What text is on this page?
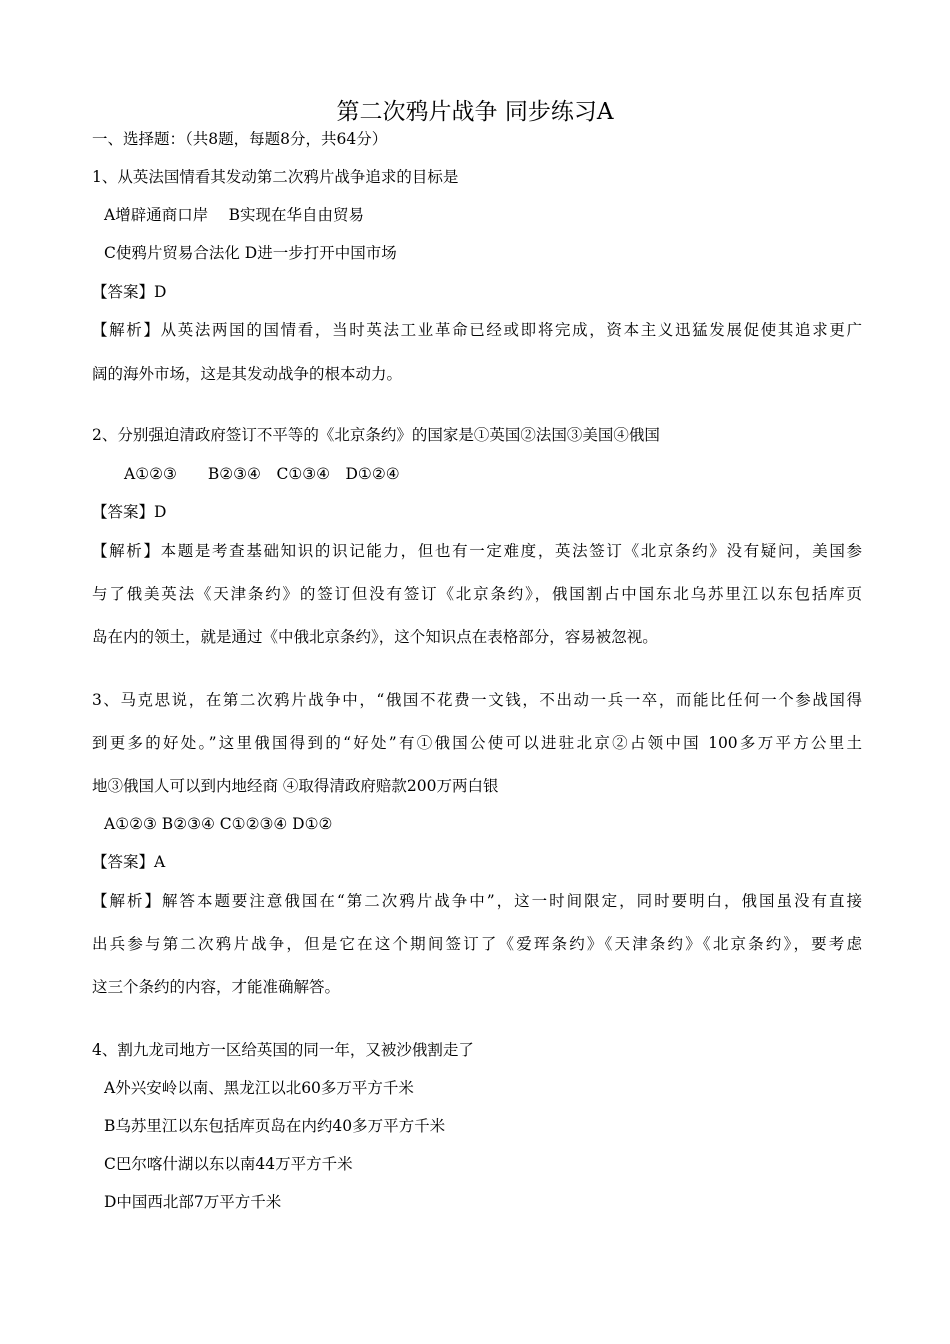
第二次鸦片战争 同步练习A
一、选择题：（共8题，每题8分，共64分）
1、从英法国情看其发动第二次鸦片战争追求的目标是
A增辟通商口岸 　B实现在华自由贸易
C使鸦片贸易合法化 D进一步打开中国市场
【答案】D
【解析】从英法两国的国情看，当时英法工业革命已经或即将完成，资本主义迅猛发展促使其追求更广
阔的海外市场，这是其发动战争的根本动力。
2、分别强迫清政府签订不平等的《北京条约》的国家是①英国②法国③美国④俄国
A①②③　　B②③④　C①③④　D①②④
【答案】D
【解析】本题是考查基础知识的识记能力，但也有一定难度，英法签订《北京条约》没有疑问，美国参
与了俄美英法《天津条约》的签订但没有签订《北京条约》，俄国割占中国东北乌苏里江以东包括库页
岛在内的领土，就是通过《中俄北京条约》，这个知识点在表格部分，容易被忽视。
3、马克思说，在第二次鸦片战争中，“俄国不花费一文钱，不出动一兵一卒，而能比任何一个参战国得
到更多的好处。”这里俄国得到的“好处”有①俄国公使可以进驻北京②占领中国 100多万平方公里土
地③俄国人可以到内地经商 ④取得清政府赔款200万两白银
A①②③ B②③④ C①②③④ D①②
【答案】A
【解析】解答本题要注意俄国在“第二次鸦片战争中”，这一时间限定，同时要明白，俄国虽没有直接
出兵参与第二次鸦片战争，但是它在这个期间签订了《爱珲条约》《天津条约》《北京条约》，要考虑
这三个条约的内容，才能准确解答。
4、割九龙司地方一区给英国的同一年，又被沙俄割走了
A外兴安岭以南、黑龙江以北60多万平方千米
B乌苏里江以东包括库页岛在内约40多万平方千米
C巴尔喀什湖以东以南44万平方千米
D中国西北部7万平方千米
